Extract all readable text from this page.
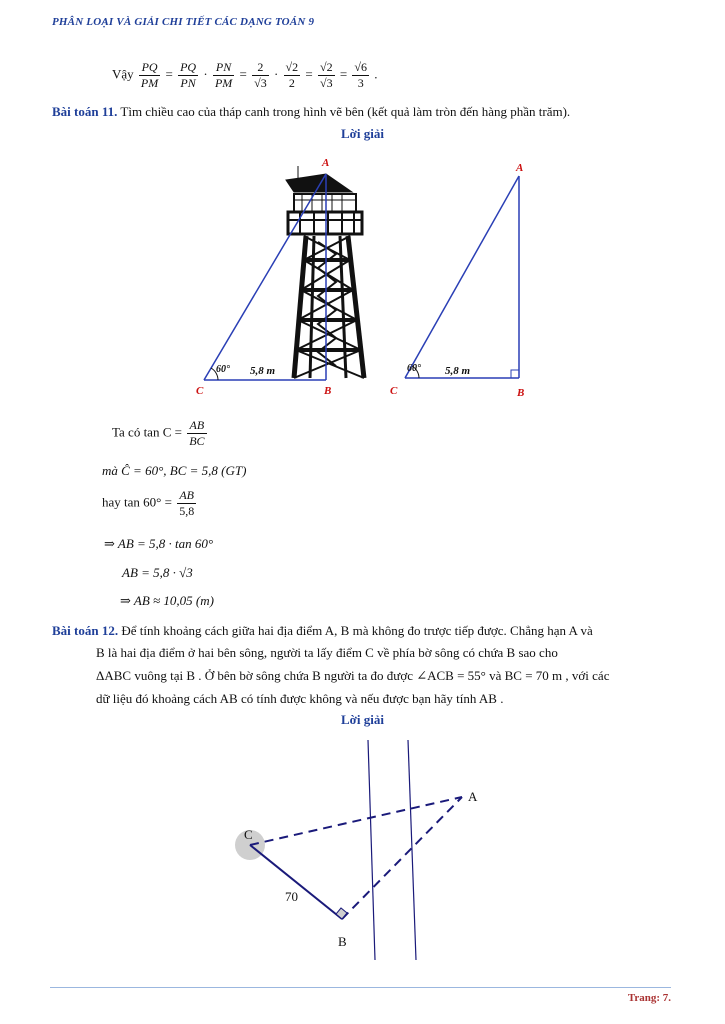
PHÂN LOẠI VÀ GIẢI CHI TIẾT CÁC DẠNG TOÁN 9
Vậy $\frac{PQ}{PM} = \frac{PQ}{PN} \cdot \frac{PN}{PM} = \frac{2}{√3} \cdot \frac{√2}{2} = \frac{√2}{√3} = \frac{√6}{3}$ .
Bài toán 11. Tìm chiều cao của tháp canh trong hình vẽ bên (kết quả làm tròn đến hàng phần trăm).
Lời giải
A
C	B
60° 5,8 m
A
C	B
60° 5,8 m
Ta có $\tan C = \frac{AB}{BC}$
mà Ĉ = 60°, BC = 5,8 (GT)
hay $\tan 60^\circ = \frac{AB}{5,8}$
⇒ AB = 5,8 · tan 60°
AB = 5,8 · √3
⇒ AB ≈ 10,05 (m)
Bài toán 12. Để tính khoảng cách giữa hai địa điểm A, B mà không đo trược tiếp được. Chẳng hạn A và
B là hai địa điểm ở hai bên sông, người ta lấy điểm C về phía bờ sông có chứa B sao cho
ΔABC vuông tại B . Ở bên bờ sông chứa B người ta đo được ∠ACB = 55° và BC = 70 m , với các
dữ liệu đó khoảng cách AB có tính được không và nếu được bạn hãy tính AB .
Lời giải
A
B
C
70
Trang: 7.
